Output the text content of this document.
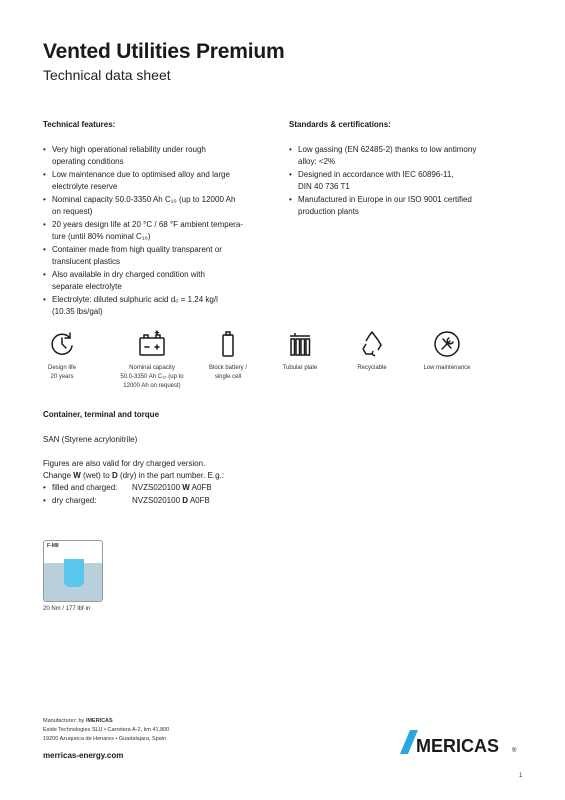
Vented Utilities Premium
Technical data sheet
Technical features:
• Very high operational reliability under rough
operating conditions
• Low maintenance due to optimised alloy and large
electrolyte reserve
• Nominal capacity 50.0-3350 Ah C₁₀ (up to 12000 Ah
on request)
• 20 years design life at 20 °C / 68 °F ambient tempera-
ture (until 80% nominal C₁₀)
• Container made from high quality transparent or
translucent plastics
• Also available in dry charged condition with
separate electrolyte
• Electrolyte: diluted sulphuric acid d₀ = 1.24 kg/l
(10.35 lbs/gal)
Standards & certifications:
• Low gassing (EN 62485-2) thanks to low antimony
alloy: <2%
• Designed in accordance with IEC 60896-11,
DIN 40 736 T1
• Manufactured in Europe in our ISO 9001 certified
production plants
Design life
20 years
Nominal capacity
50.0-3350 Ah C₁₀ (up to
12000 Ah on request)
Block battery /
single cell
Tubular plate	Recyclable	Low maintenance
Container, terminal and torque
SAN (Styrene acrylonitrile)
Figures are also valid for dry charged version.
Change W (wet) to D (dry) in the part number. E.g.:
• filled and charged: NVZS020100 W A0FB
• dry charged:	NVZS020100 D A0FB
F-M8
20 Nm / 177 lbf·in
Manufacturer: by /MERICAS
Exide Technologies SLU • Carretera A-2, km 41,800
19200 Azuqueca de Henares • Guadalajara, Spain
merricas-energy.com	MERICAS ®
1
